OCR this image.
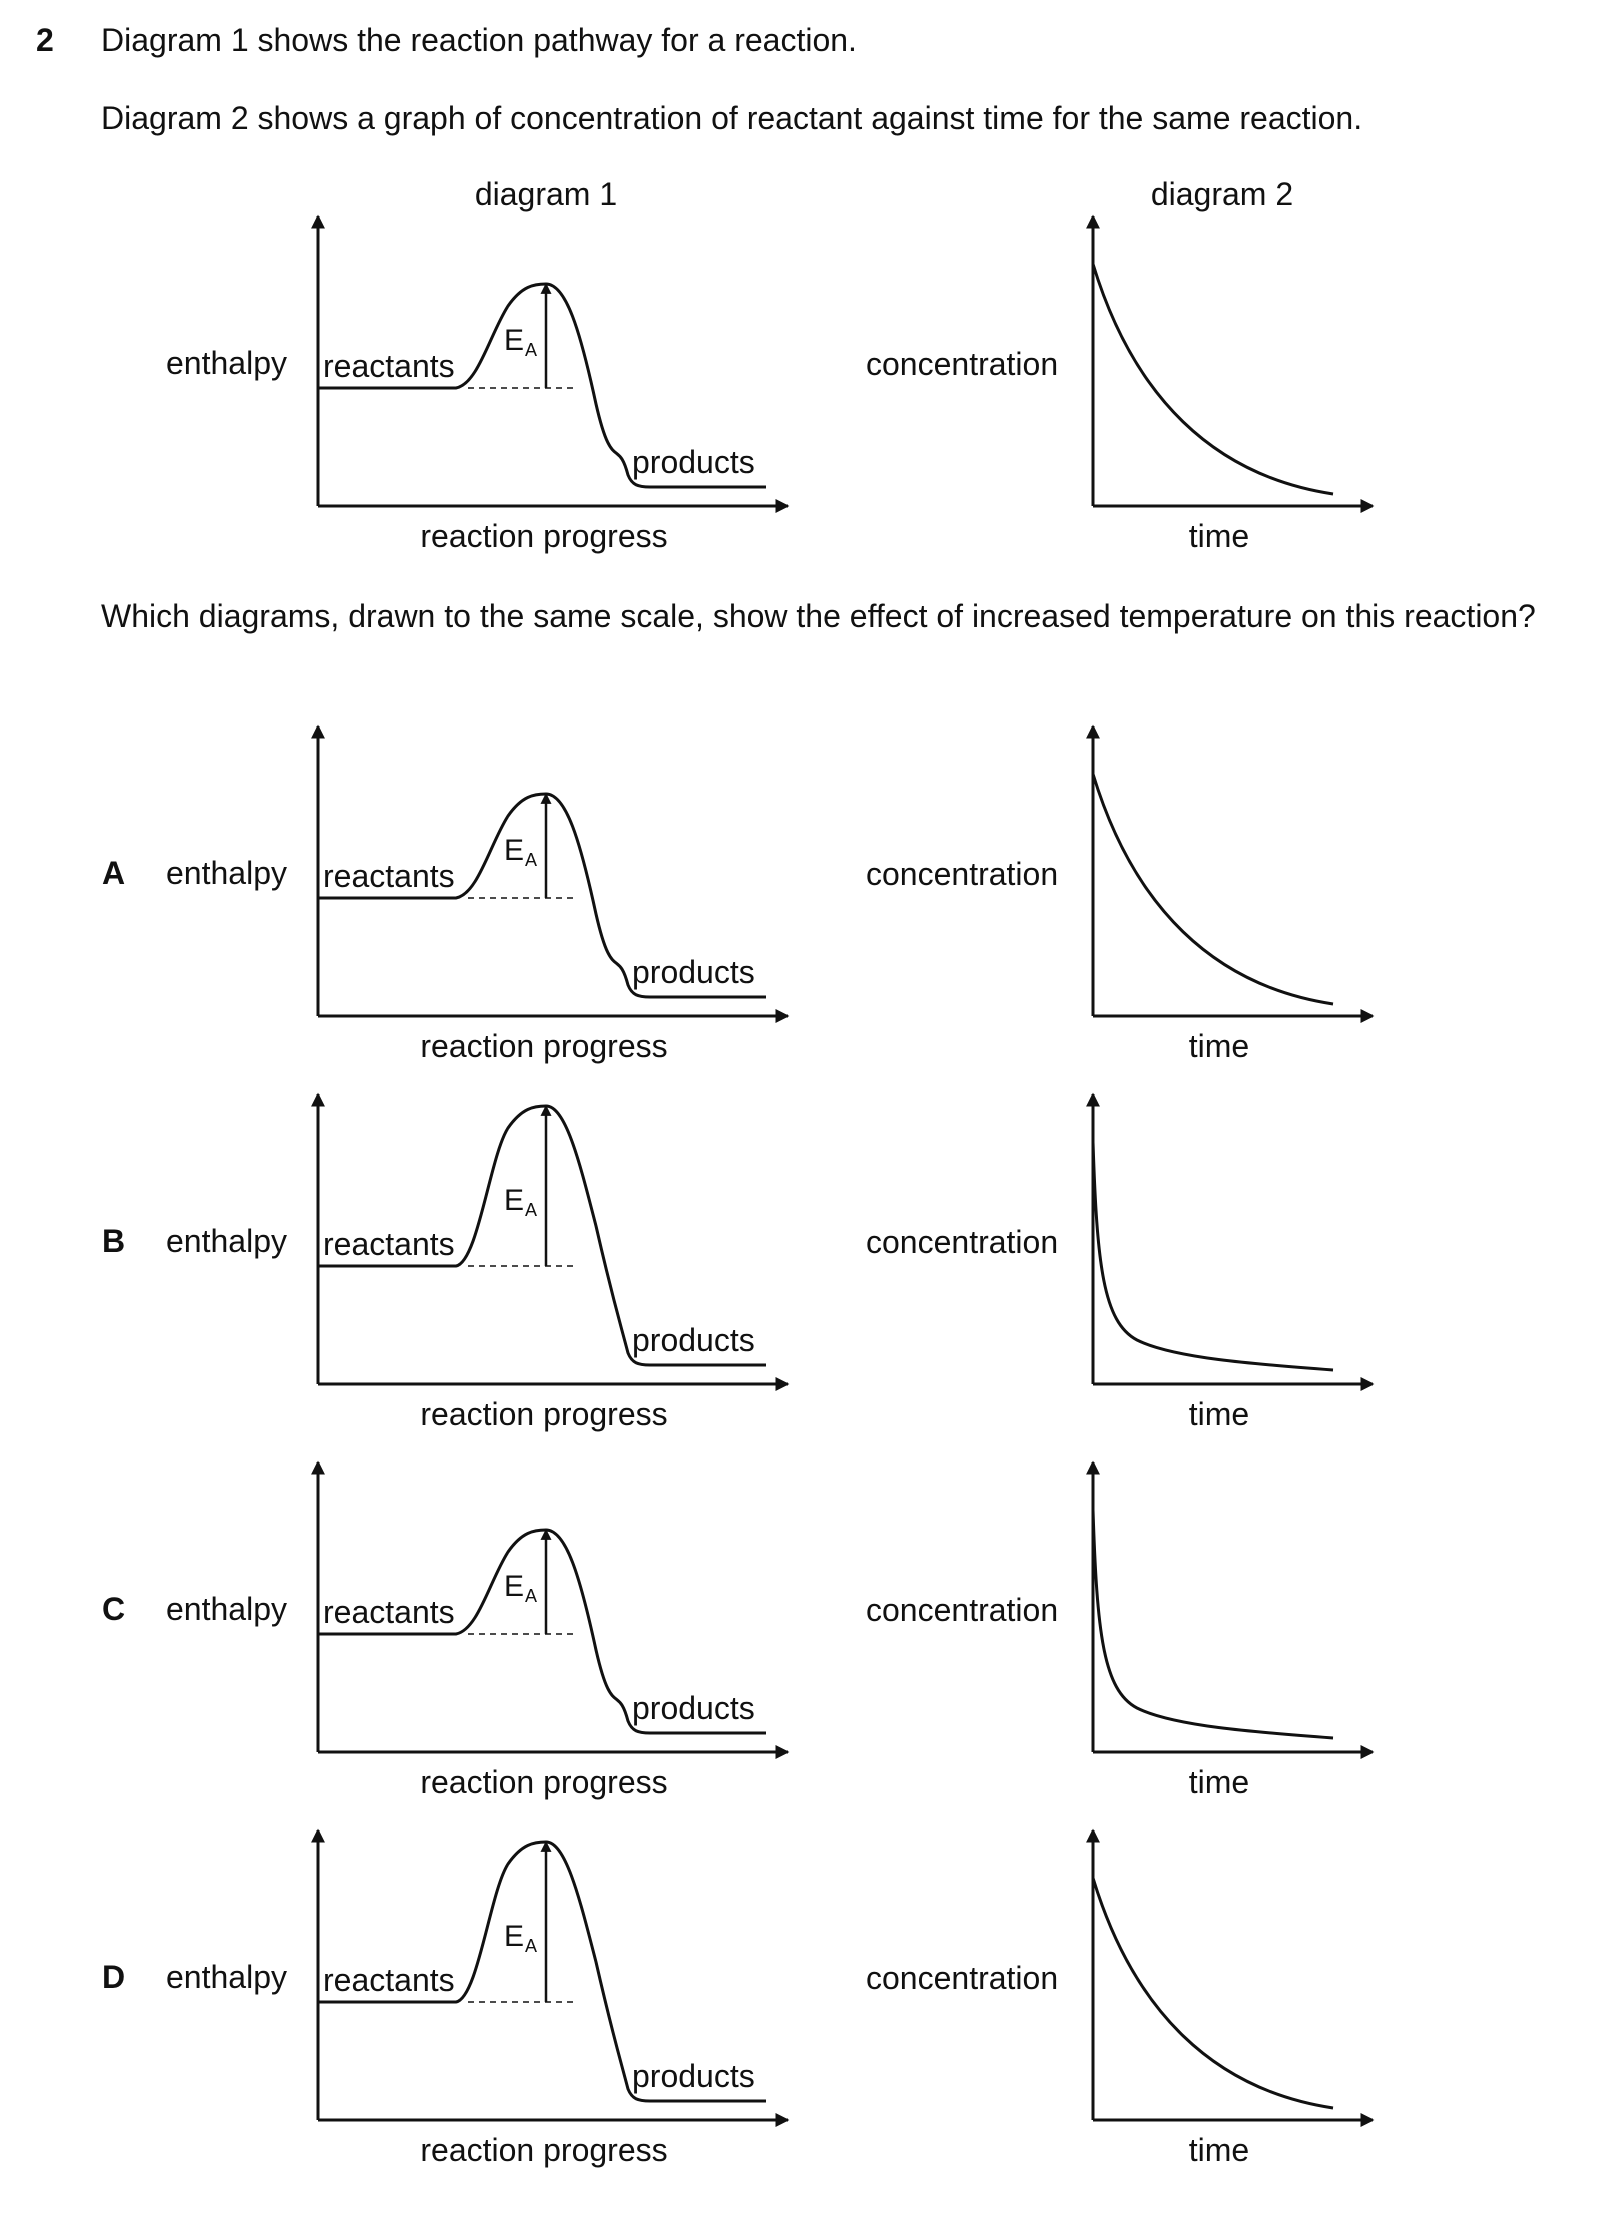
2 Diagram 1 shows the reaction pathway for a reaction.
Diagram 2 shows a graph of concentration of reactant against time for the same reaction.
Which diagrams, drawn to the same scale, show the effect of increased temperature on this reaction?
enthalpy reactants
products
reaction progress
concentration
time
diagram 1	diagram 2
enthalpy reactants
products
reaction progress
concentration
time
A
enthalpy reactants
products
reaction progress
concentration
time
B
enthalpy reactants
products
reaction progress
concentration
time
C
enthalpy reactants
products
reaction progress
concentration
time
D
E A
E A
E A
E A
E A
